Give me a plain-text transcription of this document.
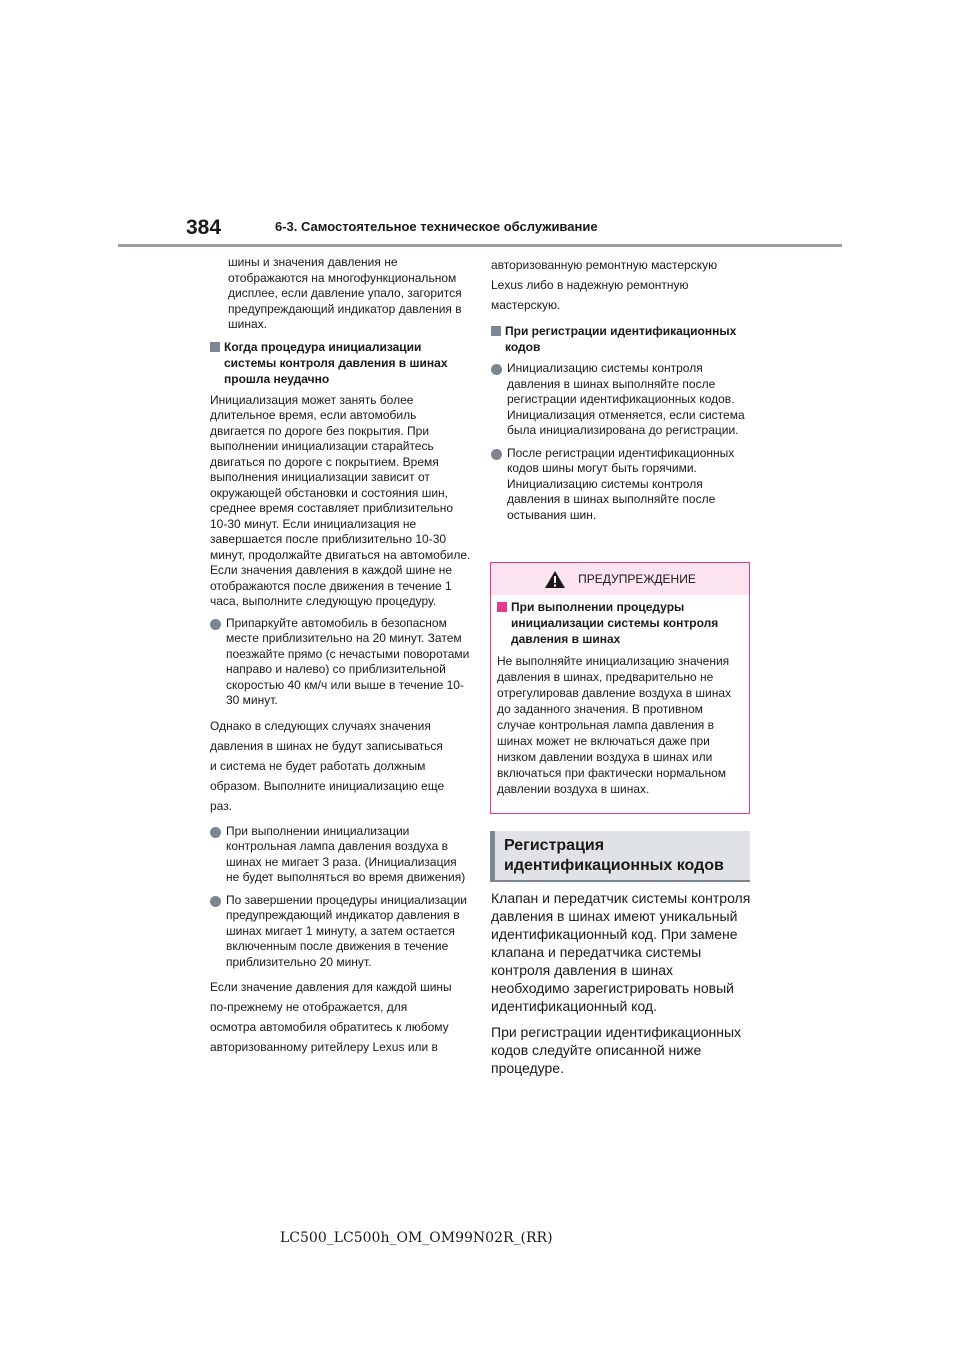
384	6-3. Самостоятельное техническое обслуживание

шины и значения давления не отображаются на многофункциональном дисплее, если давление упало, загорится предупреждающий индикатор давления в шинах.

Когда процедура инициализации системы контроля давления в шинах прошла неудачно

Инициализация может занять более длительное время, если автомобиль двигается по дороге без покрытия. При выполнении инициализации старайтесь двигаться по дороге с покрытием. Время выполнения инициализации зависит от окружающей обстановки и состояния шин, среднее время составляет приблизительно 10-30 минут. Если инициализация не завершается после приблизительно 10-30 минут, продолжайте двигаться на автомобиле. Если значения давления в каждой шине не отображаются после движения в течение 1 часа, выполните следующую процедуру.

Припаркуйте автомобиль в безопасном месте приблизительно на 20 минут. Затем поезжайте прямо (с нечастыми поворотами направо и налево) со приблизительной скоростью 40 км/ч или выше в течение 10-30 минут.

Однако в следующих случаях значения

давления в шинах не будут записываться

и система не будет работать должным

образом. Выполните инициализацию еще

раз.

При выполнении инициализации контрольная лампа давления воздуха в шинах не мигает 3 раза. (Инициализация не будет выполняться во время движения)
По завершении процедуры инициализации предупреждающий индикатор давления в шинах мигает 1 минуту, а затем остается включенным после движения в течение приблизительно 20 минут.

Если значение давления для каждой шины

по-прежнему не отображается, для

осмотра автомобиля обратитесь к любому

авторизованному ритейлеру Lexus или в

авторизованную ремонтную мастерскую

Lexus либо в надежную ремонтную

мастерскую.

При регистрации идентификационных кодов
Инициализацию системы контроля давления в шинах выполняйте после регистрации идентификационных кодов. Инициализация отменяется, если система была инициализирована до регистрации.
После регистрации идентификационных кодов шины могут быть горячими. Инициализацию системы контроля давления в шинах выполняйте после остывания шин.
ПРЕДУПРЕЖДЕНИЕ
При выполнении процедуры инициализации системы контроля давления в шинах

Не выполняйте инициализацию значения давления в шинах, предварительно не отрегулировав давление воздуха в шинах до заданного значения. В противном случае контрольная лампа давления в шинах может не включаться даже при низком давлении воздуха в шинах или включаться при фактически нормальном давлении воздуха в шинах.

Регистрация идентификационных кодов

Клапан и передатчик системы контроля давления в шинах имеют уникальный идентификационный код. При замене клапана и передатчика системы контроля давления в шинах необходимо зарегистрировать новый идентификационный код.

При регистрации идентификационных кодов следуйте описанной ниже процедуре.

LC500_LC500h_OM_OM99N02R_(RR)
